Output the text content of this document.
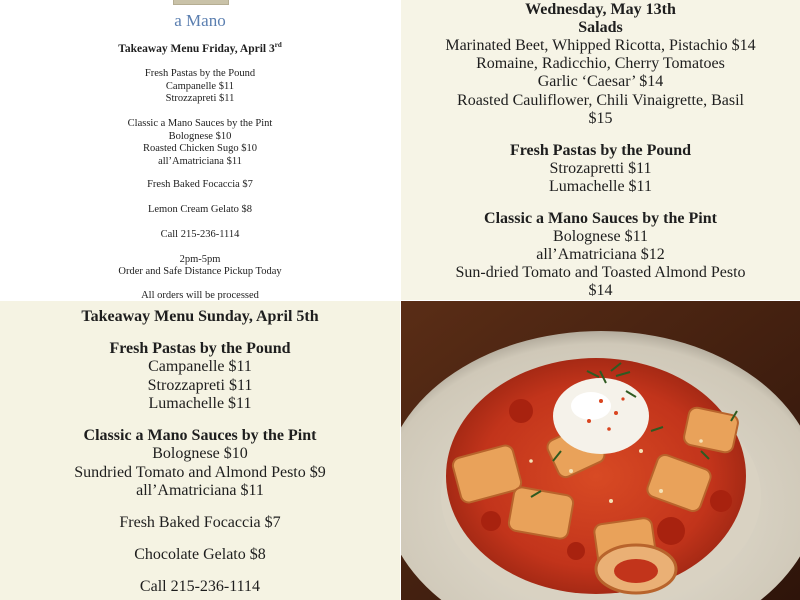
a Mano
Takeaway Menu Friday, April 3rd
Fresh Pastas by the Pound
Campanelle $11
Strozzapreti $11
Classic a Mano Sauces by the Pint
Bolognese $10
Roasted Chicken Sugo $10
all’Amatriciana $11
Fresh Baked Focaccia $7
Lemon Cream Gelato $8
Call 215-236-1114
2pm-5pm
Order and Safe Distance Pickup Today
All orders will be processed
Wednesday, May 13th
Salads
Marinated Beet, Whipped Ricotta, Pistachio $14
Romaine, Radicchio, Cherry Tomatoes
Garlic ‘Caesar’ $14
Roasted Cauliflower, Chili Vinaigrette, Basil
$15
Fresh Pastas by the Pound
Strozapretti $11
Lumachelle $11
Classic a Mano Sauces by the Pint
Bolognese $11
all’Amatriciana $12
Sun-dried Tomato and Toasted Almond Pesto
$14
Takeaway Menu Sunday, April 5th
Fresh Pastas by the Pound
Campanelle $11
Strozzapreti $11
Lumachelle $11
Classic a Mano Sauces by the Pint
Bolognese $10
Sundried Tomato and Almond Pesto $9
all’Amatriciana $11
Fresh Baked Focaccia $7
Chocolate Gelato $8
Call 215-236-1114
